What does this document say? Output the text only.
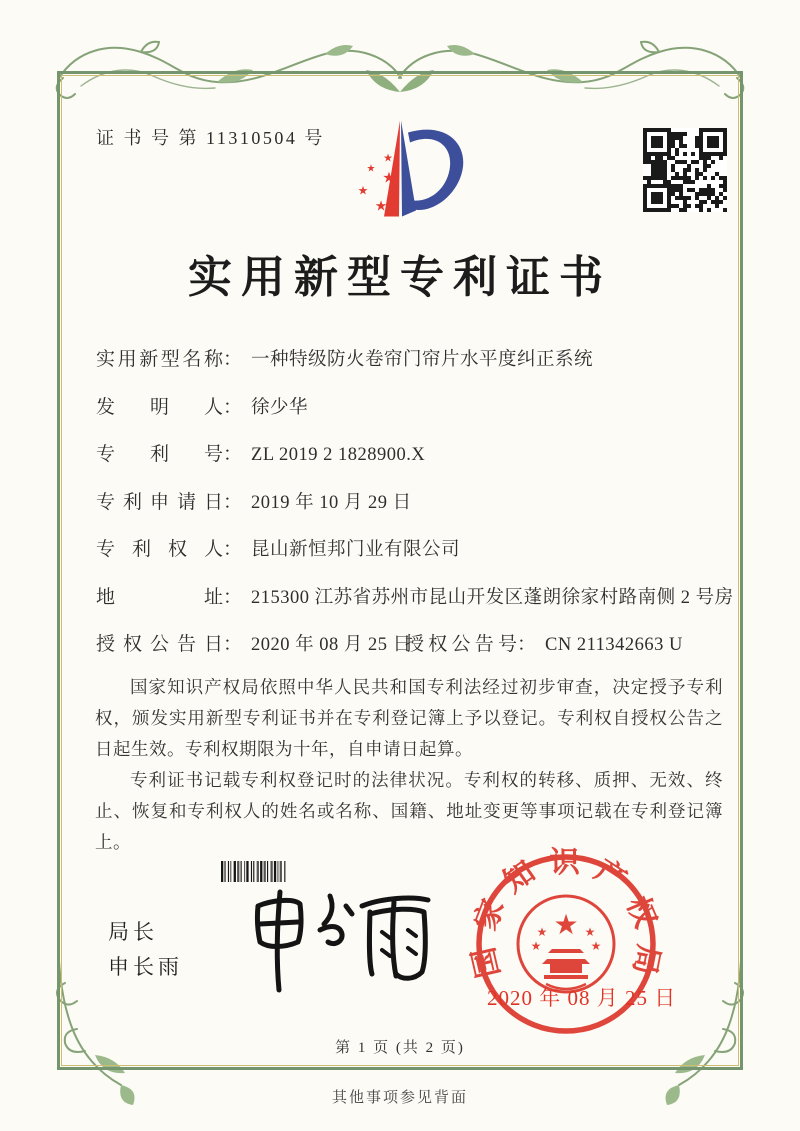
证 书 号 第 11310504 号
★
★
★
★
★
实用新型专利证书
实用新型名称： 一种特级防火卷帘门帘片水平度纠正系统
发明人： 徐少华
专利号： ZL 2019 2 1828900.X
专利申请日： 2019 年 10 月 29 日
专利权人： 昆山新恒邦门业有限公司
地址： 215300 江苏省苏州市昆山开发区蓬朗徐家村路南侧 2 号房
授权公告日： 2020 年 08 月 25 日
授权公告号： CN 211342663 U

国家知识产权局依照中华人民共和国专利法经过初步审查，决定授予专利权，颁发实用新型专利证书并在专利登记簿上予以登记。专利权自授权公告之日起生效。专利权期限为十年，自申请日起算。

专利证书记载专利权登记时的法律状况。专利权的转移、质押、无效、终止、恢复和专利权人的姓名或名称、国籍、地址变更等事项记载在专利登记簿上。

局长
申长雨	国家知识产权局
★
★
★
★
★
2020 年 08 月 25 日
第 1 页 (共 2 页)
其他事项参见背面
